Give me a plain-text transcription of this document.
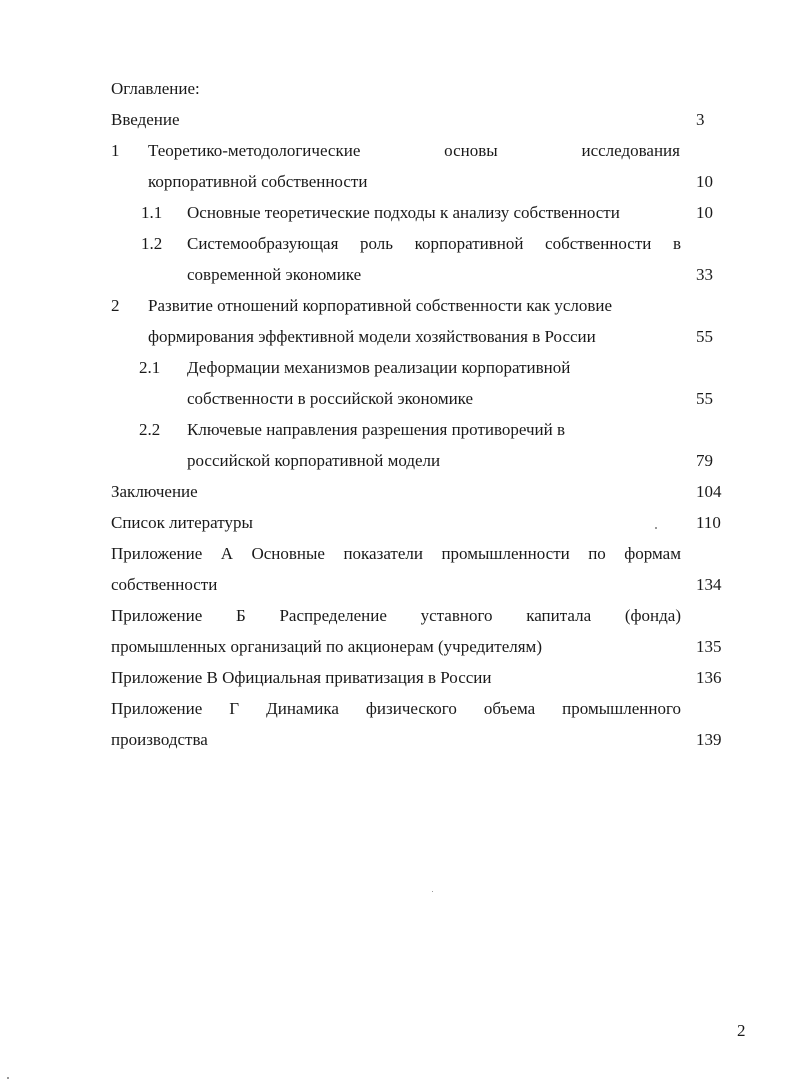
Оглавление:
Введение	3
1 Теоретико-методологические	основы	исследования
корпоративной собственности	10
1.1 Основные теоретические подходы к анализу собственности	10
1.2 Системообразующая роль корпоративной собственности в
современной экономике	33
2 Развитие отношений корпоративной собственности как условие
формирования эффективной модели хозяйствования в России	55
2.1 Деформации механизмов реализации корпоративной
собственности в российской экономике	55
2.2 Ключевые направления разрешения противоречий в
российской корпоративной модели	79
Заключение	104
Список литературы	110
Приложение А Основные показатели промышленности по формам
собственности	134
Приложение Б Распределение уставного капитала (фонда)
промышленных организаций по акционерам (учредителям)	135
Приложение В Официальная приватизация в России	136
Приложение Г Динамика физического объема промышленного
производства	139
2
